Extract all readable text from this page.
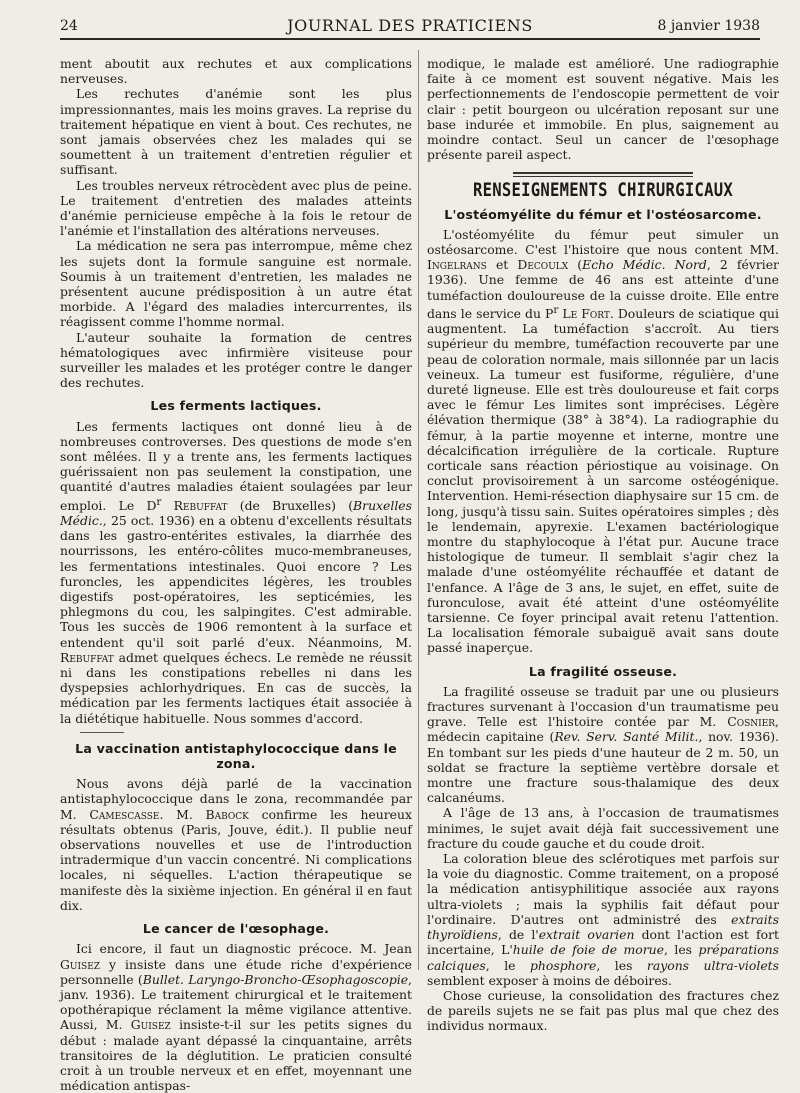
24	JOURNAL DES PRATICIENS	8 janvier 1938

ment aboutit aux rechutes et aux complications nerveuses.

Les rechutes d'anémie sont les plus impressionnantes, mais les moins graves. La reprise du traitement hépatique en vient à bout. Ces rechutes, ne sont jamais observées chez les malades qui se soumettent à un traitement d'entretien régulier et suffisant.

Les troubles nerveux rétrocèdent avec plus de peine. Le traitement d'entretien des malades atteints d'anémie pernicieuse empêche à la fois le retour de l'anémie et l'installation des altérations nerveuses.

La médication ne sera pas interrompue, même chez les sujets dont la formule sanguine est normale. Soumis à un traitement d'entretien, les malades ne présentent aucune prédisposition à un autre état morbide. A l'égard des maladies intercurrentes, ils réagissent comme l'homme normal.

L'auteur souhaite la formation de centres hématologiques avec infirmière visiteuse pour surveiller les malades et les protéger contre le danger des rechutes.

Les ferments lactiques.

Les ferments lactiques ont donné lieu à de nombreuses controverses. Des questions de mode s'en sont mêlées. Il y a trente ans, les ferments lactiques guérissaient non pas seulement la constipation, une quantité d'autres maladies étaient soulagées par leur emploi. Le $D^r$ Rebuffat (de Bruxelles) (Bruxelles Médic., 25 oct. 1936) en a obtenu d'excellents résultats dans les gastro-entérites estivales, la diarrhée des nourrissons, les entéro-côlites muco-membraneuses, les fermentations intestinales. Quoi encore ? Les furoncles, les appendicites légères, les troubles digestifs post-opératoires, les septicémies, les phlegmons du cou, les salpingites. C'est admirable. Tous les succès de 1906 remontent à la surface et entendent qu'il soit parlé d'eux. Néanmoins, M. Rebuffat admet quelques échecs. Le remède ne réussit ni dans les constipations rebelles ni dans les dyspepsies achlorhydriques. En cas de succès, la médication par les ferments lactiques était associée à la diététique habituelle. Nous sommes d'accord.

La vaccination antistaphylococcique dans le zona.

Nous avons déjà parlé de la vaccination antistaphylococcique dans le zona, recommandée par M. Camescasse. M. Babock confirme les heureux résultats obtenus (Paris, Jouve, édit.). Il publie neuf observations nouvelles et use de l'introduction intradermique d'un vaccin concentré. Ni complications locales, ni séquelles. L'action thérapeutique se manifeste dès la sixième injection. En général il en faut dix.

Le cancer de l'œsophage.

Ici encore, il faut un diagnostic précoce. M. Jean Guisez y insiste dans une étude riche d'expérience personnelle (Bullet. Laryngo-Broncho-Œsophagoscopie, janv. 1936). Le traitement chirurgical et le traitement opothérapique réclament la même vigilance attentive. Aussi, M. Guisez insiste-t-il sur les petits signes du début : malade ayant dépassé la cinquantaine, arrêts transitoires de la déglutition. Le praticien consulté croit à un trouble nerveux et en effet, moyennant une médication antispas-

modique, le malade est amélioré. Une radiographie faite à ce moment est souvent négative. Mais les perfectionnements de l'endoscopie permettent de voir clair : petit bourgeon ou ulcération reposant sur une base indurée et immobile. En plus, saignement au moindre contact. Seul un cancer de l'œsophage présente pareil aspect.

RENSEIGNEMENTS CHIRURGICAUX
L'ostéomyélite du fémur et l'ostéosarcome.

L'ostéomyélite du fémur peut simuler un ostéosarcome. C'est l'histoire que nous content MM. Ingelrans et Decoulx (Echo Médic. Nord, 2 février 1936). Une femme de 46 ans est atteinte d'une tuméfaction douloureuse de la cuisse droite. Elle entre dans le service du $P^r$ Le Fort. Douleurs de sciatique qui augmentent. La tuméfaction s'accroît. Au tiers supérieur du membre, tuméfaction recouverte par une peau de coloration normale, mais sillonnée par un lacis veineux. La tumeur est fusiforme, régulière, d'une dureté ligneuse. Elle est très douloureuse et fait corps avec le fémur Les limites sont imprécises. Légère élévation thermique (38° à 38°4). La radiographie du fémur, à la partie moyenne et interne, montre une décalcification irrégulière de la corticale. Rupture corticale sans réaction périostique au voisinage. On conclut provisoirement à un sarcome ostéogénique. Intervention. Hemi-résection diaphysaire sur 15 cm. de long, jusqu'à tissu sain. Suites opératoires simples ; dès le lendemain, apyrexie. L'examen bactériologique montre du staphylocoque à l'état pur. Aucune trace histologique de tumeur. Il semblait s'agir chez la malade d'une ostéomyélite réchauffée et datant de l'enfance. A l'âge de 3 ans, le sujet, en effet, suite de furonculose, avait été atteint d'une ostéomyélite tarsienne. Ce foyer principal avait retenu l'attention. La localisation fémorale subaiguë avait sans doute passé inaperçue.

La fragilité osseuse.

La fragilité osseuse se traduit par une ou plusieurs fractures survenant à l'occasion d'un traumatisme peu grave. Telle est l'histoire contée par M. Cosnier, médecin capitaine (Rev. Serv. Santé Milit., nov. 1936). En tombant sur les pieds d'une hauteur de 2 m. 50, un soldat se fracture la septième vertèbre dorsale et montre une fracture sous-thalamique des deux calcanéums.

A l'âge de 13 ans, à l'occasion de traumatismes minimes, le sujet avait déjà fait successivement une fracture du coude gauche et du coude droit.

La coloration bleue des sclérotiques met parfois sur la voie du diagnostic. Comme traitement, on a proposé la médication antisyphilitique associée aux rayons ultra-violets ; mais la syphilis fait défaut pour l'ordinaire. D'autres ont administré des extraits thyroïdiens, de l'extrait ovarien dont l'action est fort incertaine, L'huile de foie de morue, les préparations calciques, le phosphore, les rayons ultra-violets semblent exposer à moins de déboires.

Chose curieuse, la consolidation des fractures chez de pareils sujets ne se fait pas plus mal que chez des individus normaux.
